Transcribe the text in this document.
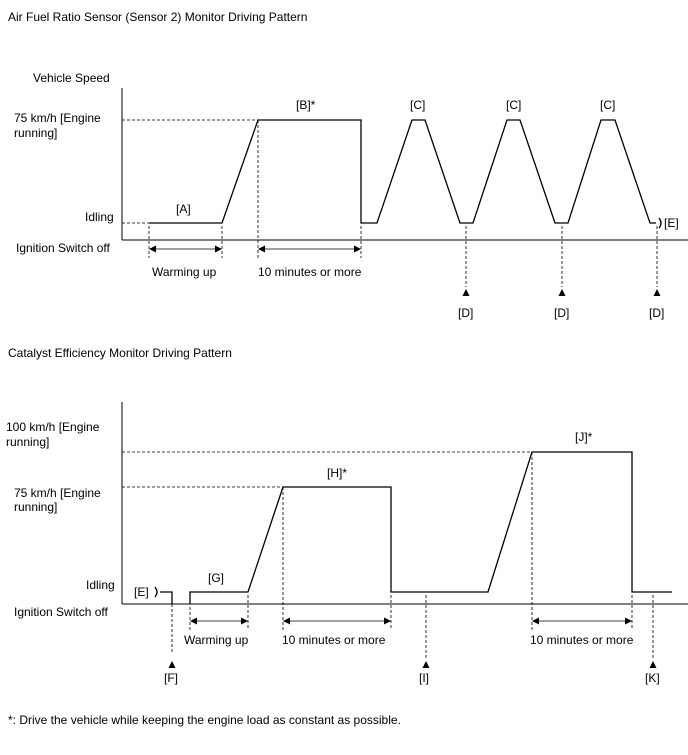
Air Fuel Ratio Sensor (Sensor 2) Monitor Driving Pattern
Vehicle Speed
75 km/h [Engine
running]
Idling
Ignition Switch off
Warming up	10 minutes or more
[A]
[B]*	[C]	[C]	[C]
[E]
[D]	[D]	[D]
Catalyst Efficiency Monitor Driving Pattern
100 km/h [Engine
running]
75 km/h [Engine
running]
Idling
Ignition Switch off
[E]
Warming up	10 minutes or more	10 minutes or more
[G]
[H]*
[J]*
[F]	[I]	[K]
*: Drive the vehicle while keeping the engine load as constant as possible.
